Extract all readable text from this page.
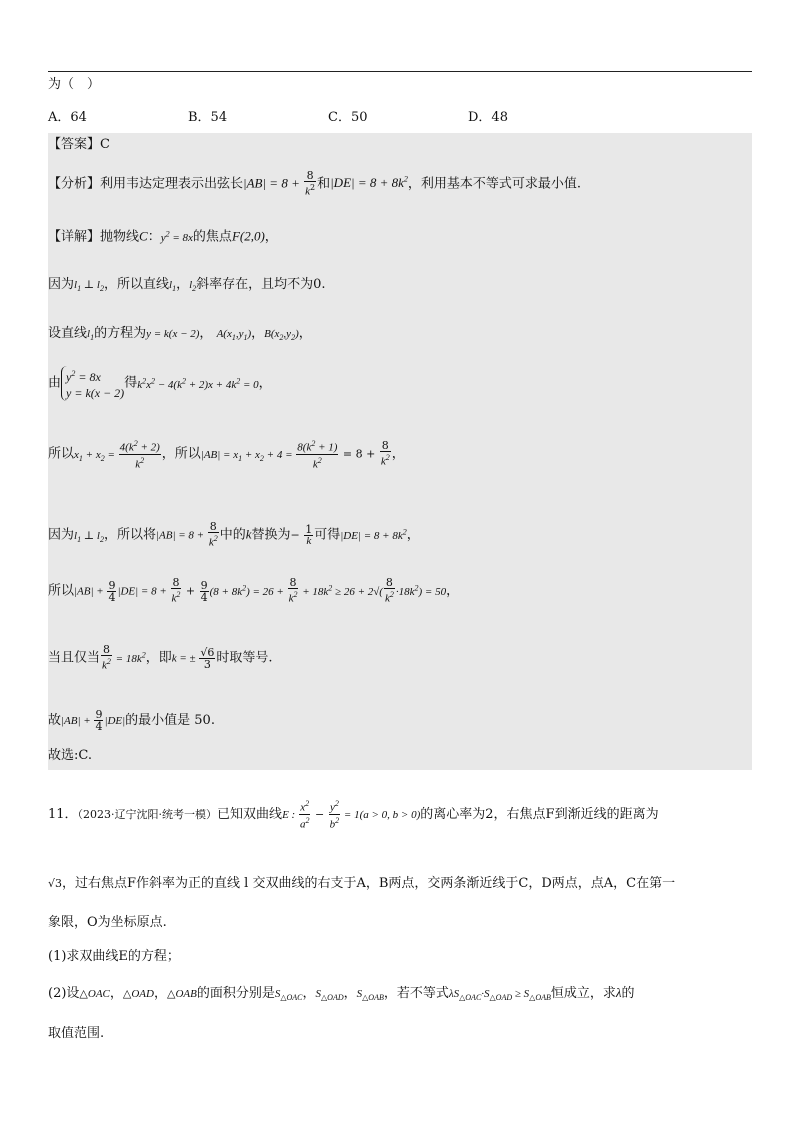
为（　）
A．64	B．54	C．50	D．48
【答案】C
【分析】利用韦达定理表示出弦长$|AB| = 8 + \frac{8}{k^2}$ 和$|DE| = 8 + 8k^2$，利用基本不等式可求最小值.
【详解】抛物线C：$y^2 = 8x$的焦点F(2,0)，
因为$l_1$ ⊥ $l_2$，所以直线$l_1$，$l_2$斜率存在，且均不为0.
设直线$l_1$的方程为y = k(x − 2)， $A(x_1,y_1)$，$B(x_2,y_2)$，
由 $y^2 = 8x$
y = k(x − 2)得$k^2x^2 - 4(k^2 + 2)x + 4k^2 = 0$，
所以$x_1 + x_2 = \frac{4(k^2 + 2)}{k^2}$ ，所以$|AB| = x_1 + x_2 + 4 = \frac{8(k^2 + 1)}{k^2} = 8 + \frac{8}{k^2}$ ，
因为$l_1$ ⊥ $l_2$，所以将$|AB| = 8 + \frac{8}{k^2}$ 中的k替换为− $\frac{1}{k}$ 可得$|DE| = 8 + 8k^2$，
所以$|AB| + \frac{9}{4} |DE| = 8 + \frac{8}{k^2} + \frac{9}{4} (8 + 8k^2) = 26 + \frac{8}{k^2} + 18k^2 \ge 26 + 2√( \frac{8}{k^2} \cdot 18k^2) = 50$，
当且仅当 $\frac{8}{k^2} = 18k^2$，即k = ± $\frac{√6}{3}$ 时取等号.
故$|AB| + \frac{9}{4} |DE|$的最小值是 50.
故选:C.
11．（2023·辽宁沈阳·统考一模）已知双曲线E : $\frac{x^2}{a^2} - \frac{y^2}{b^2} = 1(a > 0$, b > 0)的离心率为2，右焦点F到渐近线的距离为
√3，过右焦点F作斜率为正的直线 l 交双曲线的右支于A，B两点，交两条渐近线于C，D两点，点A，C在第一
象限，O为坐标原点.
(1)求双曲线E的方程；
(2)设△OAC，△OAD，△OAB的面积分别是$S_{\triangle OAC}$，$S_{\triangle OAD}$，$S_{\triangle OAB}$，若不等式$\lambda S_{\triangle OAC}\cdot S_{\triangle OAD} \ge S_{\triangle OAB}$恒成立，求λ的
取值范围.
